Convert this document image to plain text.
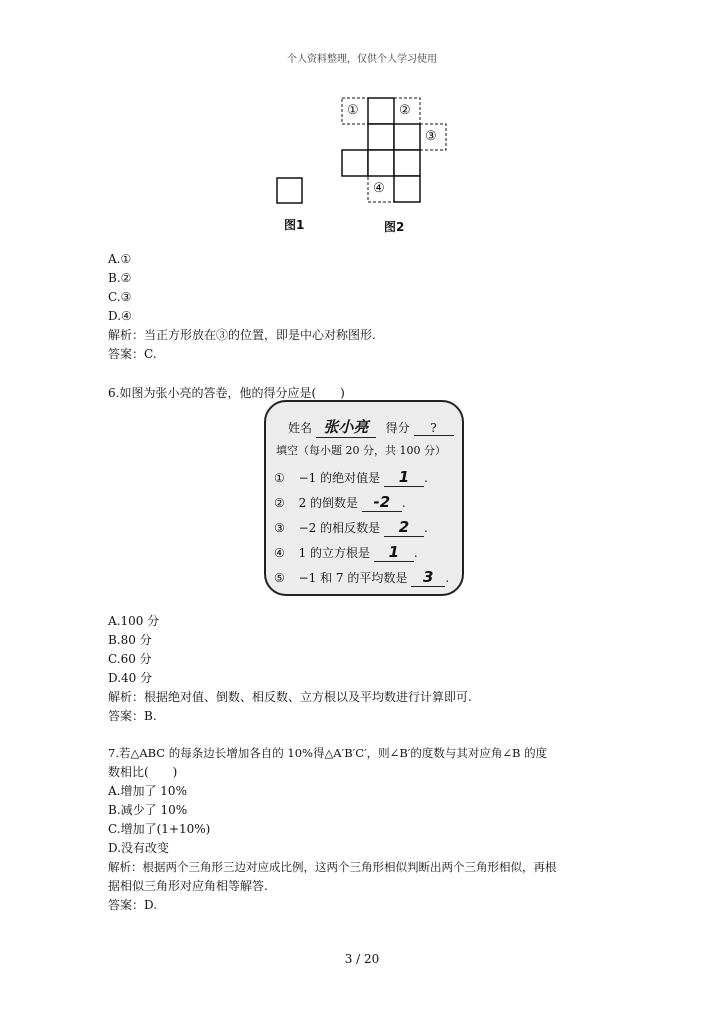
个人资料整理，仅供个人学习使用
图1
①	②
③
④
图2
A.①
B.②
C.③
D.④
解析：当正方形放在③的位置，即是中心对称图形.
答案：C.
6.如图为张小亮的答卷，他的得分应是(　　)
姓名 张小亮 得分 ?
填空（每小题 20 分，共 100 分）
① −1 的绝对值是 1 .
② 2 的倒数是 -2 .
③ −2 的相反数是 2 .
④ 1 的立方根是 1 .
⑤ −1 和 7 的平均数是 3 .
A.100 分
B.80 分
C.60 分
D.40 分
解析：根据绝对值、倒数、相反数、立方根以及平均数进行计算即可.
答案：B.
7.若△ABC 的每条边长增加各自的 10%得△A′B′C′，则∠B′的度数与其对应角∠B 的度
数相比(　　)
A.增加了 10%
B.减少了 10%
C.增加了(1+10%)
D.没有改变
解析：根据两个三角形三边对应成比例，这两个三角形相似判断出两个三角形相似，再根
据相似三角形对应角相等解答.
答案：D.
3 / 20
